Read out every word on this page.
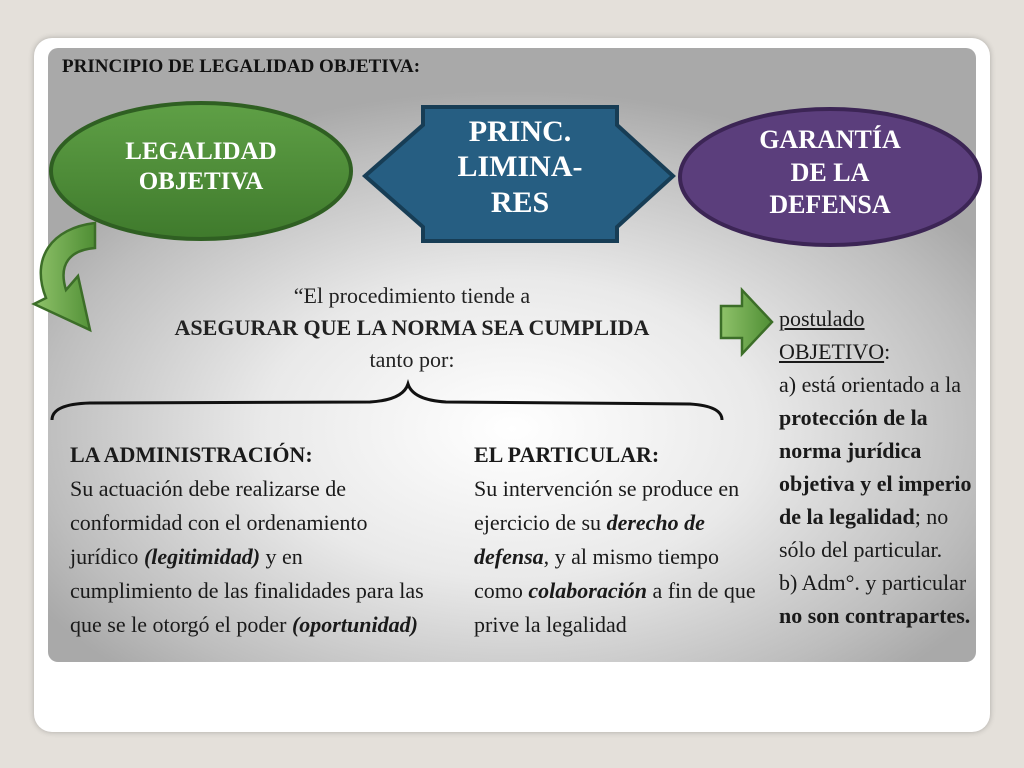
PRINCIPIO DE LEGALIDAD OBJETIVA:
LEGALIDAD
OBJETIVA
PRINC.
LIMINA-
RES
GARANTÍA
DE LA
DEFENSA
“El procedimiento tiende a
ASEGURAR QUE LA NORMA SEA CUMPLIDA
tanto por:
LA ADMINISTRACIÓN:
Su actuación debe realizarse de conformidad con el ordenamiento jurídico (legitimidad) y en cumplimiento de las finalidades para las que se le otorgó el poder (oportunidad)
EL PARTICULAR:
Su intervención se produce en ejercicio de su derecho de defensa, y al mismo tiempo como colaboración a fin de que prive la legalidad
postulado
OBJETIVO:
a) está orientado a la protección de la norma jurídica objetiva y el imperio de la legalidad; no sólo del particular.
b) Adm°. y particular no son contrapartes.
